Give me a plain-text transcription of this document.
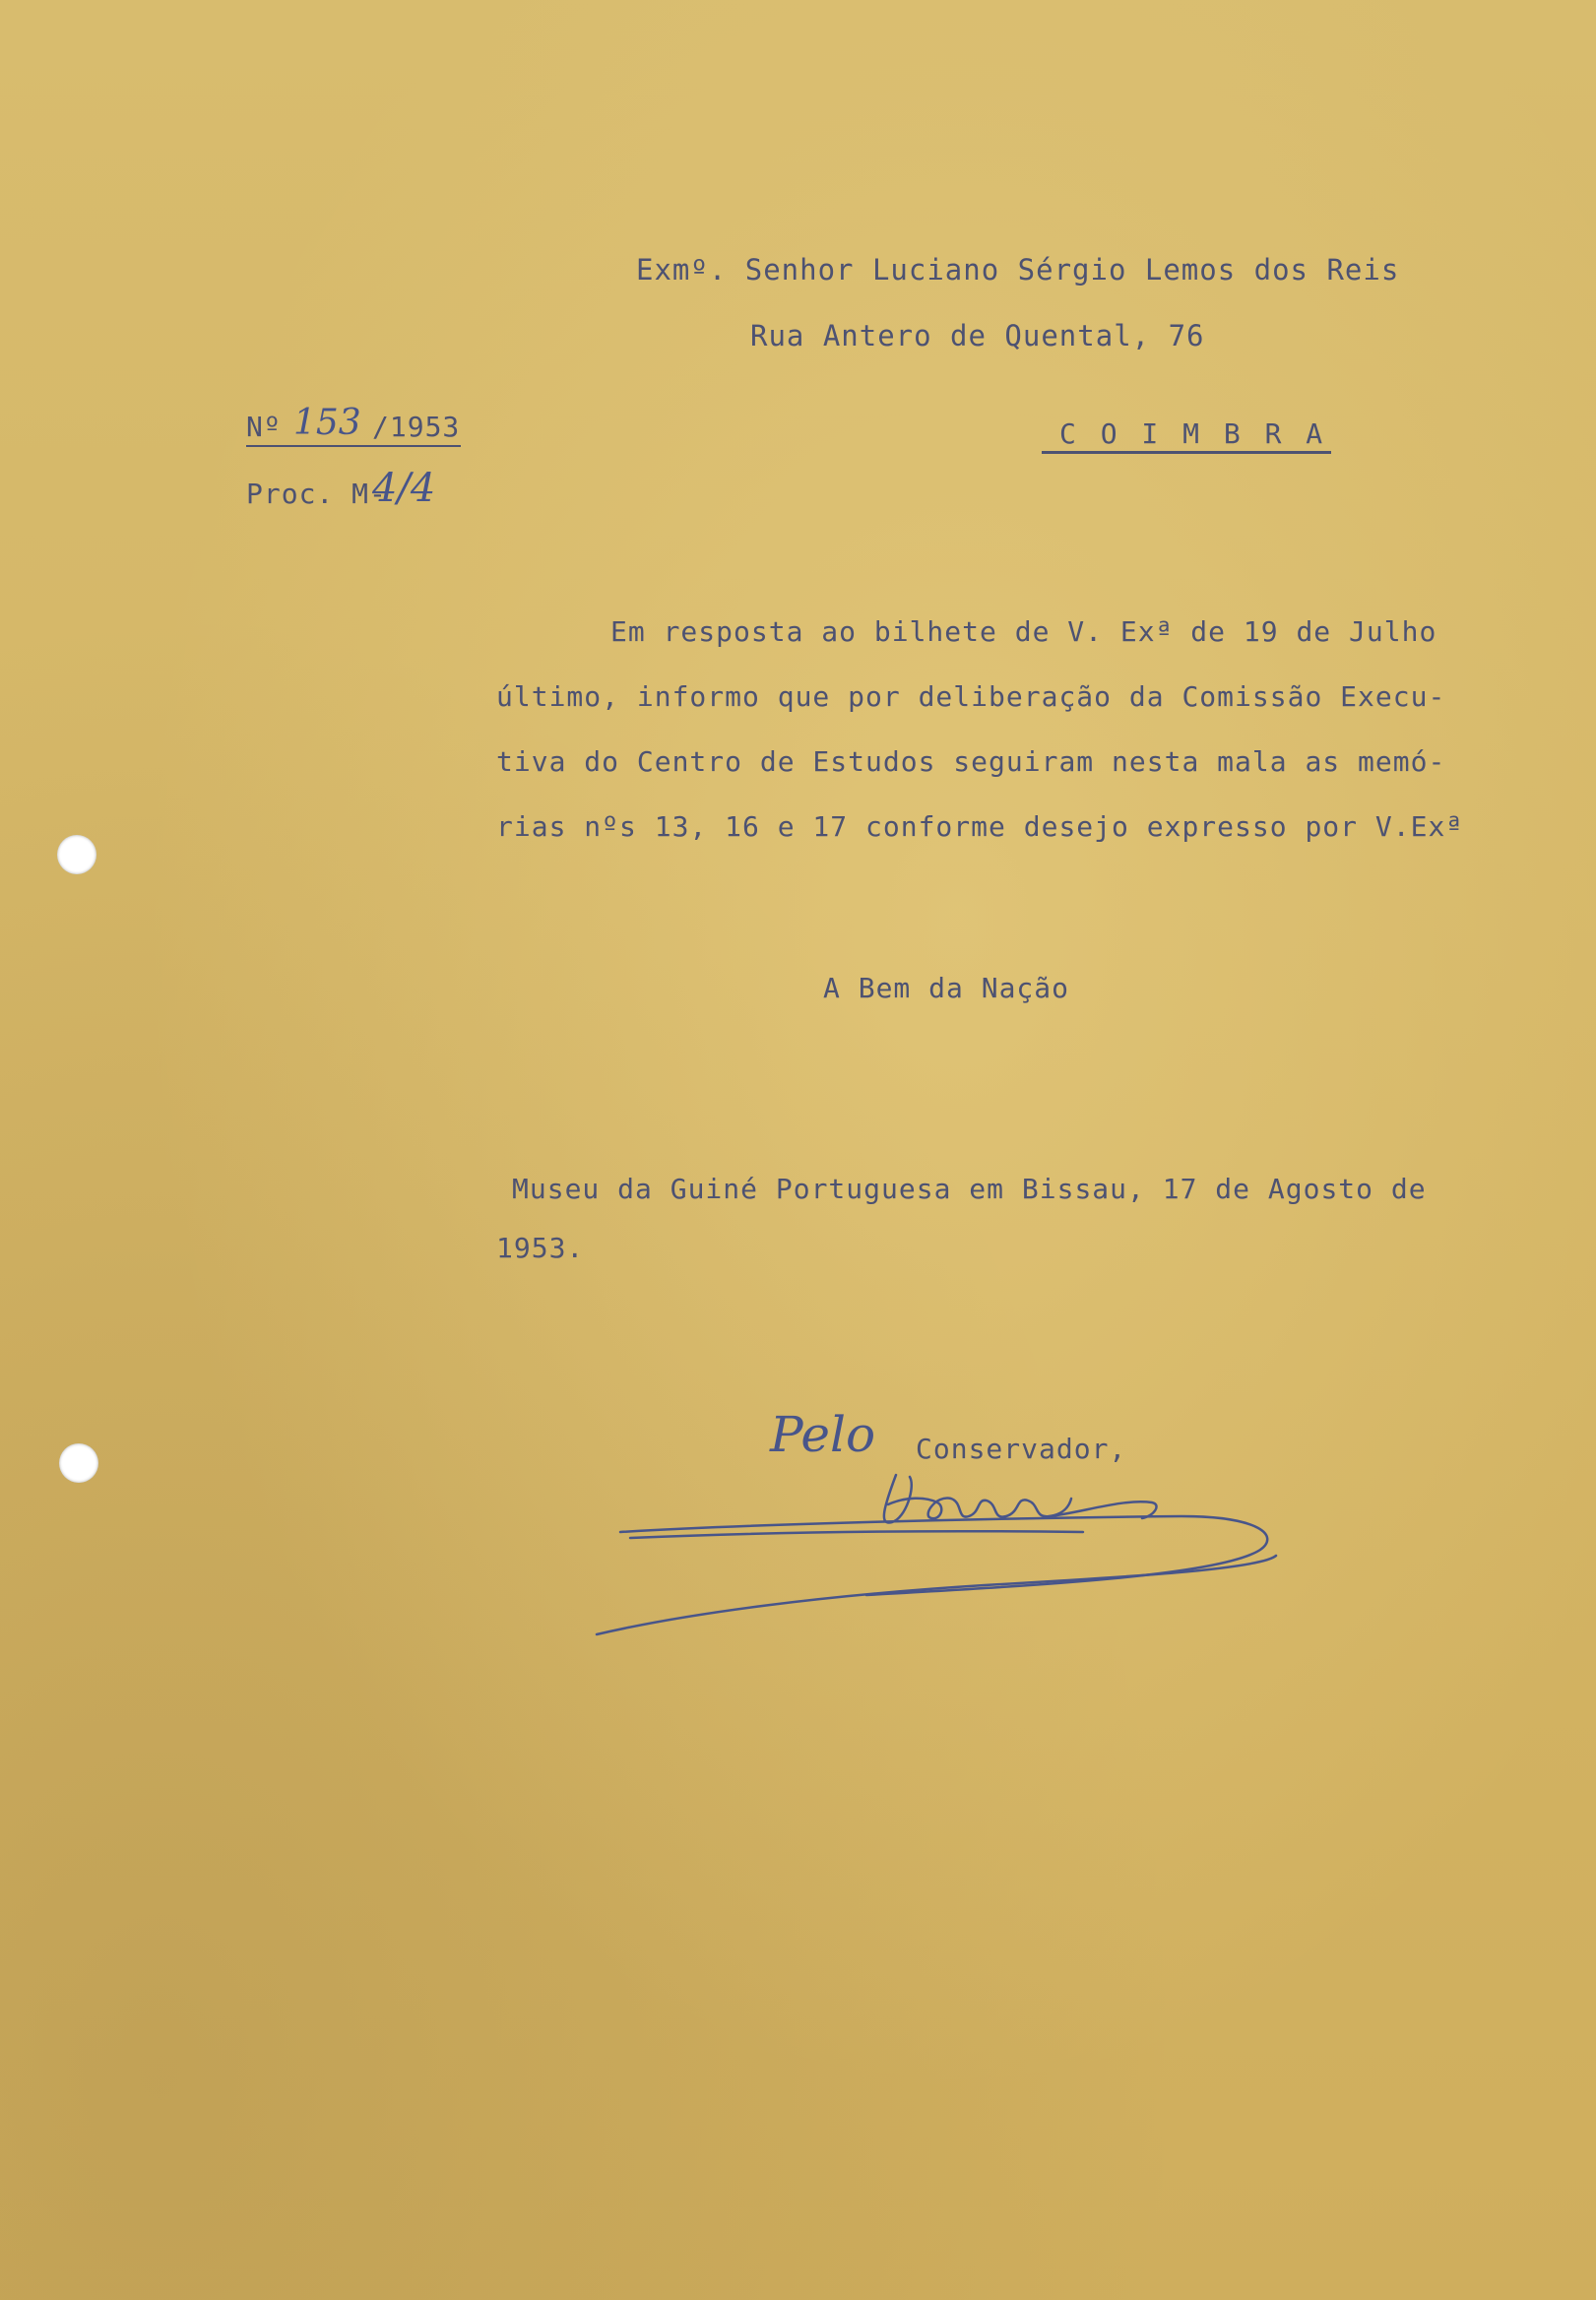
Exmº. Senhor Luciano Sérgio Lemos dos Reis
Rua Antero de Quental, 76
C O I M B R A
Nº 153 /1953
Proc. M-
4/4
Em resposta ao bilhete de V. Exª de 19 de Julho
último, informo que por deliberação da Comissão Execu-
tiva do Centro de Estudos seguiram nesta mala as memó-
rias nºs 13, 16 e 17 conforme desejo expresso por V.Exª
A Bem da Nação
Museu da Guiné Portuguesa em Bissau, 17 de Agosto de
1953.
Pelo Conservador,
